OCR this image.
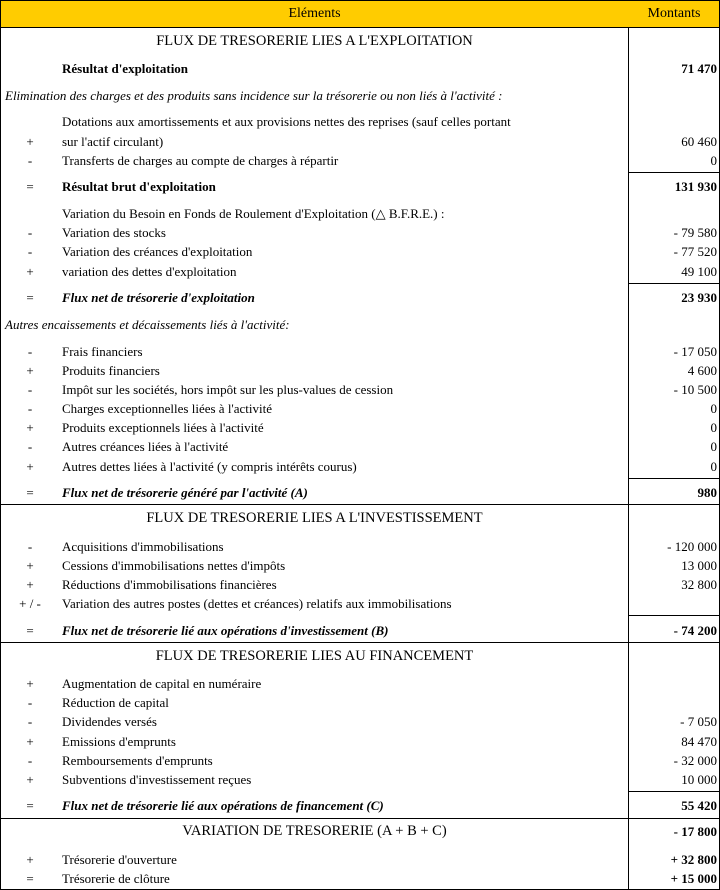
Eléments	Montants
FLUX DE TRESORERIE LIES A L'EXPLOITATION
Résultat d'exploitation	71 470
Elimination des charges et des produits sans incidence sur la trésorerie ou non liés à l'activité :
Dotations aux amortissements et aux provisions nettes des reprises (sauf celles portant
+	sur l'actif circulant)	60 460
-	Transferts de charges au compte de charges à répartir	0
=	Résultat brut d'exploitation	131 930
Variation du Besoin en Fonds de Roulement d'Exploitation (△ B.F.R.E.) :
-	Variation des stocks	- 79 580
-	Variation des créances d'exploitation	- 77 520
+	variation des dettes d'exploitation	49 100
=	Flux net de trésorerie d'exploitation	23 930
Autres encaissements et décaissements liés à l'activité:
-	Frais financiers	- 17 050
+	Produits financiers	4 600
-	Impôt sur les sociétés, hors impôt sur les plus-values de cession	- 10 500
-	Charges exceptionnelles liées à l'activité	0
+	Produits exceptionnels liées à l'activité	0
-	Autres créances liées à l'activité	0
+	Autres dettes liées à l'activité (y compris intérêts courus)	0
=	Flux net de trésorerie généré par l'activité (A)	980
FLUX DE TRESORERIE LIES A L'INVESTISSEMENT
-	Acquisitions d'immobilisations	- 120 000
+	Cessions d'immobilisations nettes d'impôts	13 000
+	Réductions d'immobilisations financières	32 800
+ / - Variation des autres postes (dettes et créances) relatifs aux immobilisations
=	Flux net de trésorerie lié aux opérations d'investissement (B)	- 74 200
FLUX DE TRESORERIE LIES AU FINANCEMENT
+	Augmentation de capital en numéraire
-	Réduction de capital
-	Dividendes versés	- 7 050
+	Emissions d'emprunts	84 470
-	Remboursements d'emprunts	- 32 000
+	Subventions d'investissement reçues	10 000
=	Flux net de trésorerie lié aux opérations de financement (C)	55 420
VARIATION DE TRESORERIE (A + B + C)	- 17 800
+	Trésorerie d'ouverture	+ 32 800
=	Trésorerie de clôture	+ 15 000
